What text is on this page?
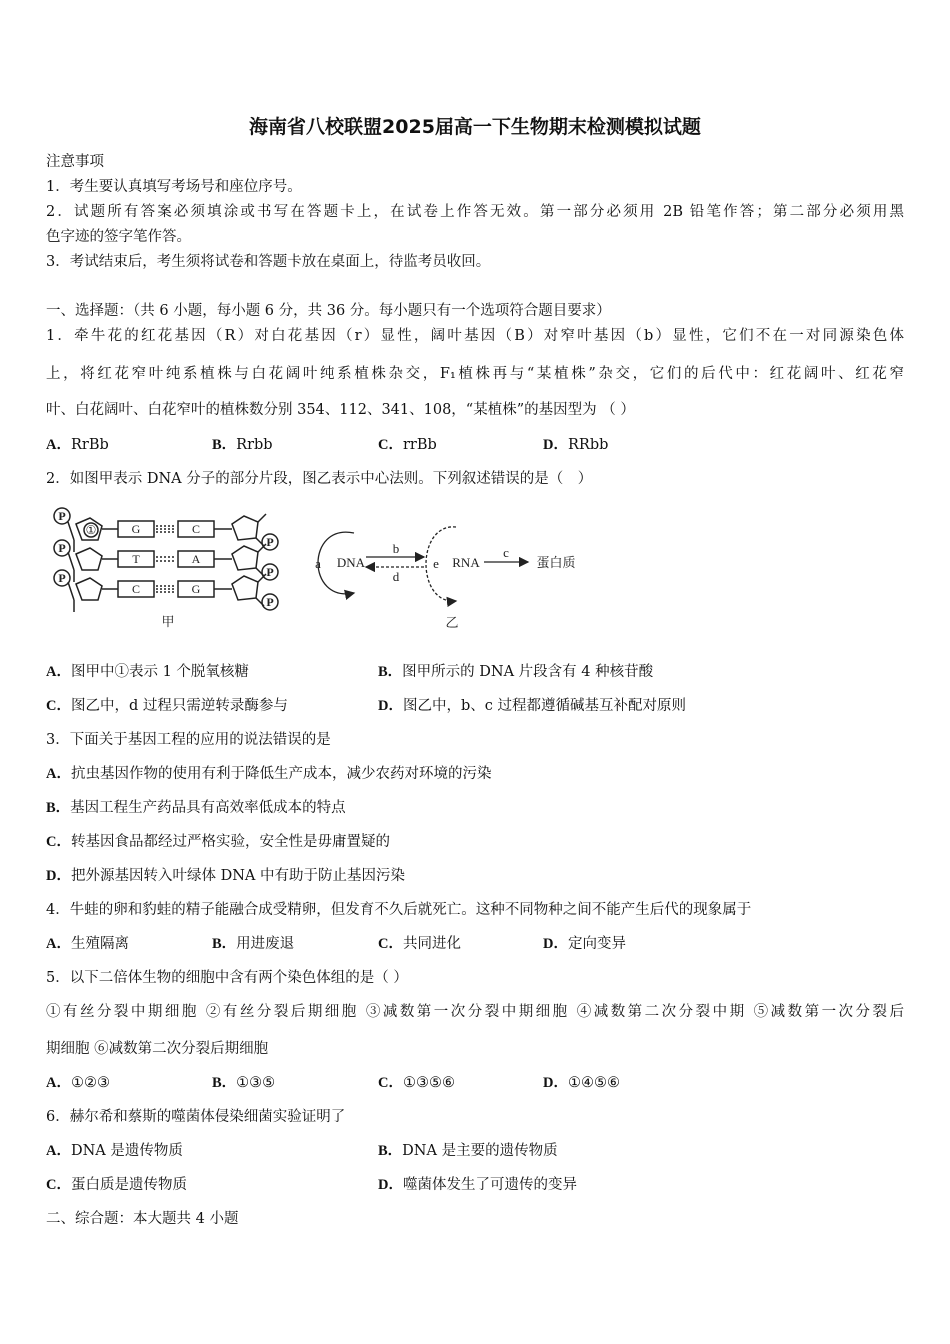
海南省八校联盟2025届高一下生物期末检测模拟试题
注意事项
1．考生要认真填写考场号和座位序号。
2．试题所有答案必须填涂或书写在答题卡上，在试卷上作答无效。第一部分必须用 2B 铅笔作答；第二部分必须用黑
色字迹的签字笔作答。
3．考试结束后，考生须将试卷和答题卡放在桌面上，待监考员收回。
一、选择题：（共 6 小题，每小题 6 分，共 36 分。每小题只有一个选项符合题目要求）
1．牵牛花的红花基因（R）对白花基因（r）显性，阔叶基因（B）对窄叶基因（b）显性，它们不在一对同源染色体
上，将红花窄叶纯系植株与白花阔叶纯系植株杂交，F₁植株再与“某植株”杂交，它们的后代中：红花阔叶、红花窄
叶、白花阔叶、白花窄叶的植株数分别 354、112、341、108，“某植株”的基因型为 （ ）
A．RrBb	B．Rrbb	C．rrBb	D．RRbb
2．如图甲表示 DNA 分子的部分片段，图乙表示中心法则。下列叙述错误的是（　）
P
P
P
P
P
P
①	G
T
C
C
A
G
甲
DNA	RNA	蛋白质
a
b	c
d
e
乙
A．图甲中①表示 1 个脱氧核糖	B．图甲所示的 DNA 片段含有 4 种核苷酸
C．图乙中，d 过程只需逆转录酶参与	D．图乙中，b、c 过程都遵循碱基互补配对原则
3．下面关于基因工程的应用的说法错误的是
A．抗虫基因作物的使用有利于降低生产成本，减少农药对环境的污染
B．基因工程生产药品具有高效率低成本的特点
C．转基因食品都经过严格实验，安全性是毋庸置疑的
D．把外源基因转入叶绿体 DNA 中有助于防止基因污染
4．牛蛙的卵和豹蛙的精子能融合成受精卵，但发育不久后就死亡。这种不同物种之间不能产生后代的现象属于
A．生殖隔离	B．用进废退	C．共同进化	D．定向变异
5．以下二倍体生物的细胞中含有两个染色体组的是（ ）
①有丝分裂中期细胞 ②有丝分裂后期细胞 ③减数第一次分裂中期细胞 ④减数第二次分裂中期 ⑤减数第一次分裂后
期细胞 ⑥减数第二次分裂后期细胞
A．①②③	B．①③⑤	C．①③⑤⑥	D．①④⑤⑥
6．赫尔希和蔡斯的噬菌体侵染细菌实验证明了
A．DNA 是遗传物质	B．DNA 是主要的遗传物质
C．蛋白质是遗传物质	D．噬菌体发生了可遗传的变异
二、综合题：本大题共 4 小题
